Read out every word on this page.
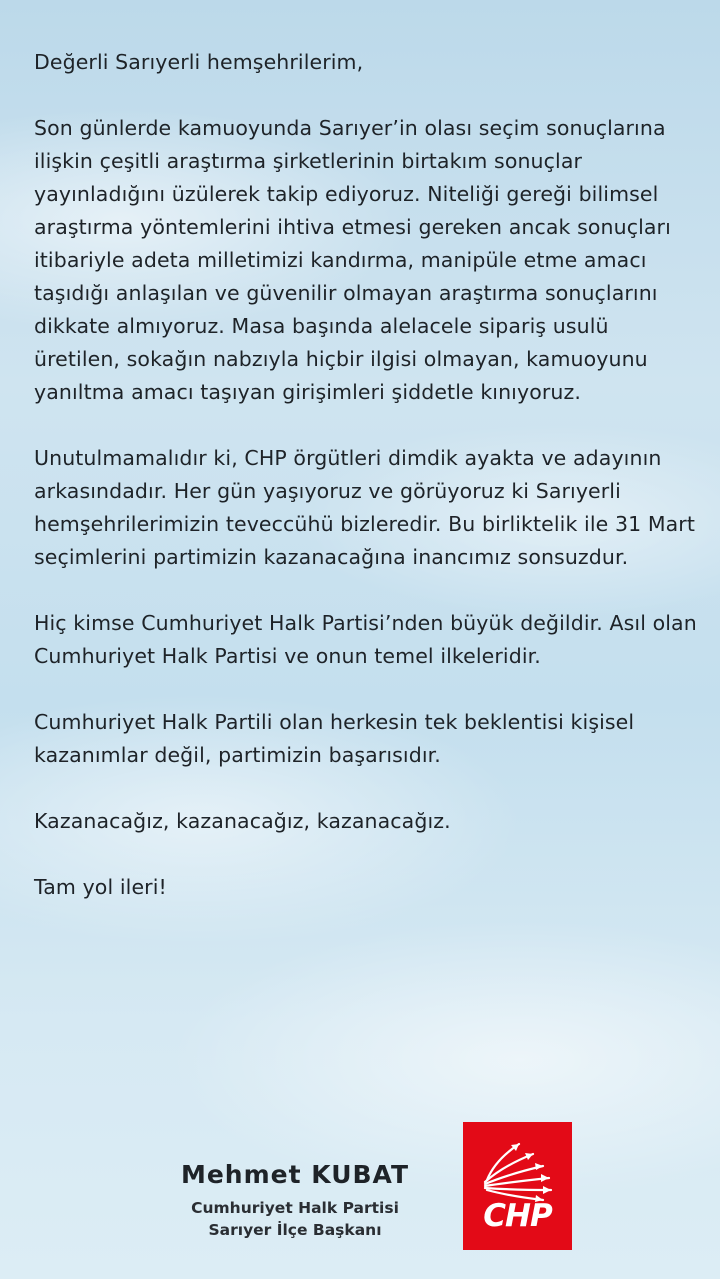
Değerli Sarıyerli hemşehrilerim,

Son günlerde kamuoyunda Sarıyer’in olası seçim sonuçlarına ilişkin çeşitli araştırma şirketlerinin birtakım sonuçlar yayınladığını üzülerek takip ediyoruz. Niteliği gereği bilimsel araştırma yöntemlerini ihtiva etmesi gereken ancak sonuçları itibariyle adeta milletimizi kandırma, manipüle etme amacı taşıdığı anlaşılan ve güvenilir olmayan araştırma sonuçlarını dikkate almıyoruz. Masa başında alelacele sipariş usulü üretilen, sokağın nabzıyla hiçbir ilgisi olmayan, kamuoyunu yanıltma amacı taşıyan girişimleri şiddetle kınıyoruz.

Unutulmamalıdır ki, CHP örgütleri dimdik ayakta ve adayının arkasındadır. Her gün yaşıyoruz ve görüyoruz ki Sarıyerli hemşehrilerimizin teveccühü bizleredir. Bu birliktelik ile 31 Mart seçimlerini partimizin kazanacağına inancımız sonsuzdur.

Hiç kimse Cumhuriyet Halk Partisi’nden büyük değildir. Asıl olan Cumhuriyet Halk Partisi ve onun temel ilkeleridir.

Cumhuriyet Halk Partili olan herkesin tek beklentisi kişisel kazanımlar değil, partimizin başarısıdır.

Kazanacağız, kazanacağız, kazanacağız.

Tam yol ileri!

Mehmet KUBAT

Cumhuriyet Halk Partisi

Sarıyer İlçe Başkanı	CHP
